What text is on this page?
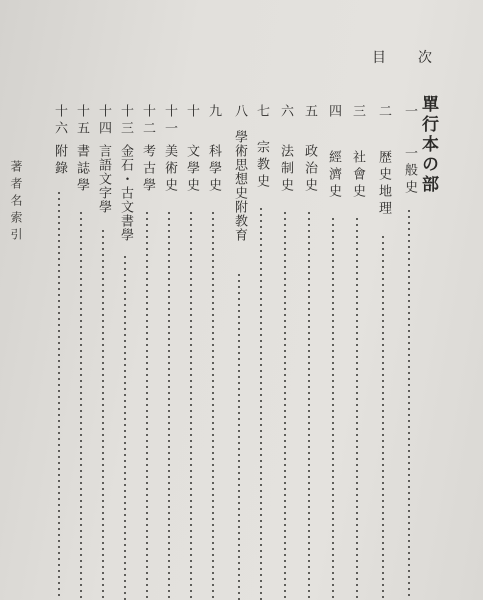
目 次
單行本の部
一
一般史
二
歴史地理
三
社會史
四
經濟史
五
政治史
六
法制史
七
宗教史
八
學術思想史附教育
九
科學史
十
文學史
十一
美術史
十二
考古學
十三
金石・古文書學
十四
言語文字學
十五
書誌學
十六
附錄
著者名索引
